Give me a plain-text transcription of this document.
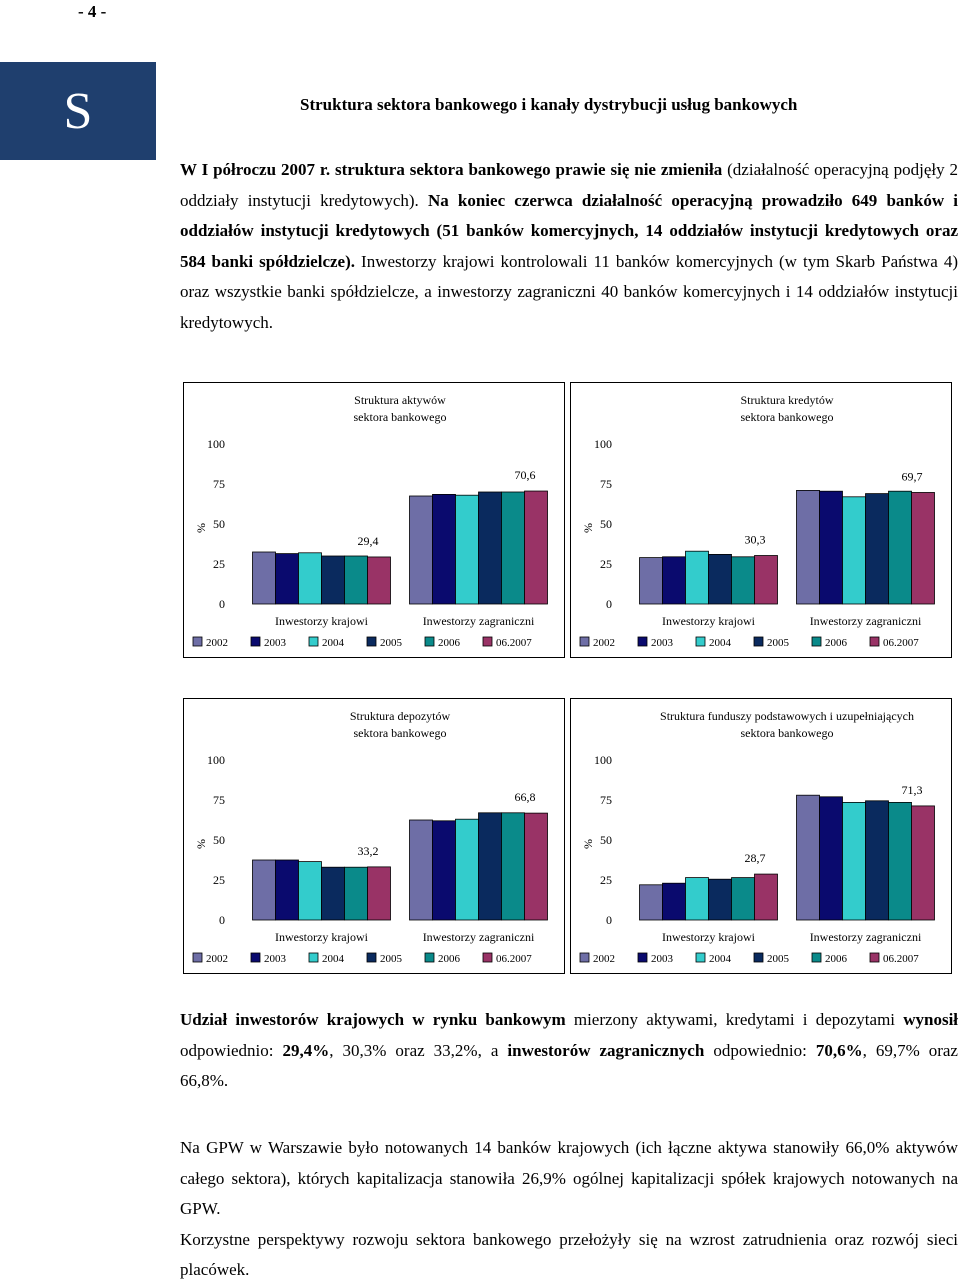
- 4 -
S	Struktura sektora bankowego i kanały dystrybucji usług bankowych
W I półroczu 2007 r. struktura sektora bankowego prawie się nie zmieniła (działalność operacyjną podjęły 2 oddziały instytucji kredytowych). Na koniec czerwca działalność operacyjną prowadziło 649 banków i oddziałów instytucji kredytowych (51 banków komercyjnych, 14 oddziałów instytucji kredytowych oraz 584 banki spółdzielcze). Inwestorzy krajowi kontrolowali 11 banków komercyjnych (w tym Skarb Państwa 4) oraz wszystkie banki spółdzielcze, a inwestorzy zagraniczni 40 banków komercyjnych i 14 oddziałów instytucji kredytowych.
Struktura aktywów
sektora bankowego
0
25
50
75
100
%
29,4
Inwestorzy krajowi
70,6
Inwestorzy zagraniczni
2002	2003	2004	2005	2006	06.2007
Struktura kredytów
sektora bankowego
0
25
50
75
100
%
30,3
Inwestorzy krajowi
69,7
Inwestorzy zagraniczni
2002	2003	2004	2005	2006	06.2007
Struktura depozytów
sektora bankowego
0
25
50
75
100
%	33,2
Inwestorzy krajowi
66,8
Inwestorzy zagraniczni
2002	2003	2004	2005	2006	06.2007
Struktura funduszy podstawowych i uzupełniających
sektora bankowego
0
25
50
75
100
%
28,7
Inwestorzy krajowi
71,3
Inwestorzy zagraniczni
2002	2003	2004	2005	2006	06.2007
Udział inwestorów krajowych w rynku bankowym mierzony aktywami, kredytami i depozytami wynosił odpowiednio: 29,4%, 30,3% oraz 33,2%, a inwestorów zagranicznych odpowiednio: 70,6%, 69,7% oraz 66,8%.
Na GPW w Warszawie było notowanych 14 banków krajowych (ich łączne aktywa stanowiły 66,0% aktywów całego sektora), których kapitalizacja stanowiła 26,9% ogólnej kapitalizacji spółek krajowych notowanych na GPW.
Korzystne perspektywy rozwoju sektora bankowego przełożyły się na wzrost zatrudnienia oraz rozwój sieci placówek.
